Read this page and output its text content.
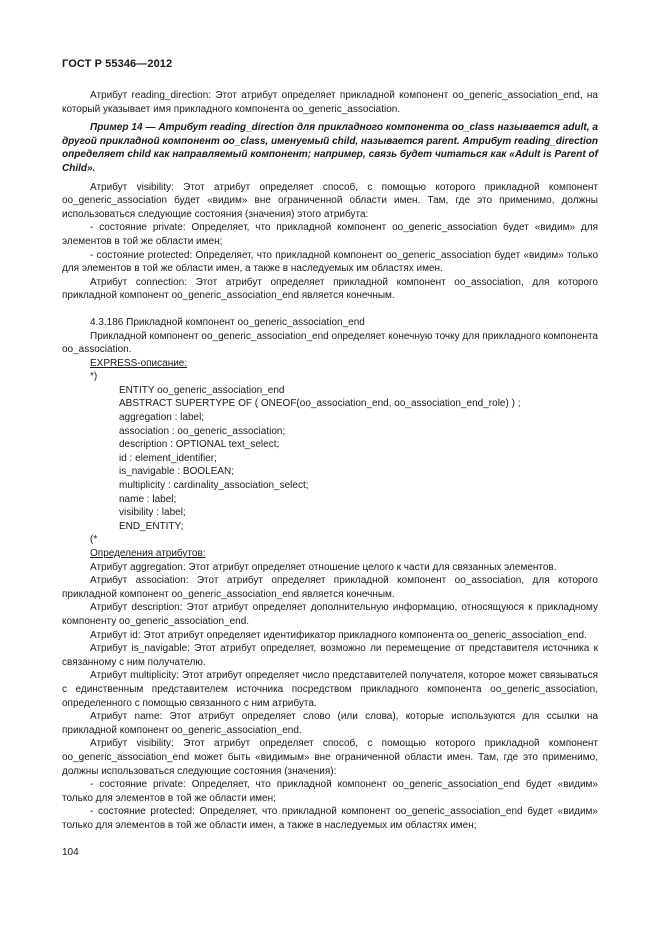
ГОСТ Р 55346—2012

Атрибут reading_direction: Этот атрибут определяет прикладной компонент oo_generic_association_end, на который указывает имя прикладного компонента oo_generic_association.

Пример 14 — Атрибут reading_direction для прикладного компонента oo_class называется adult, а другой прикладной компонент oo_class, именуемый child, называется parent. Атрибут reading_direction определяет child как направляемый компонент; например, связь будет читаться как «Adult is Parent of Child».

Атрибут visibility: Этот атрибут определяет способ, с помощью которого прикладной компонент oo_generic_association будет «видим» вне ограниченной области имен. Там, где это применимо, должны использоваться следующие состояния (значения) этого атрибута:

- состояние private: Определяет, что прикладной компонент oo_generic_association будет «видим» для элементов в той же области имен;

- состояние protected: Определяет, что прикладной компонент oo_generic_association будет «видим» только для элементов в той же области имен, а также в наследуемых им областях имен.

Атрибут connection: Этот атрибут определяет прикладной компонент oo_association, для которого прикладной компонент oo_generic_association_end является конечным.

4.3.186 Прикладной компонент oo_generic_association_end

Прикладной компонент oo_generic_association_end определяет конечную точку для прикладного компонента oo_association.

EXPRESS-описание:

*)

ENTITY oo_generic_association_end

ABSTRACT SUPERTYPE OF ( ONEOF(oo_association_end, oo_association_end_role) ) ;

aggregation : label;

association : oo_generic_association;

description : OPTIONAL text_select;

id : element_identifier;

is_navigable : BOOLEAN;

multiplicity : cardinality_association_select;

name : label;

visibility : label;

END_ENTITY;

(*

Определения атрибутов:

Атрибут aggregation: Этот атрибут определяет отношение целого к части для связанных элементов.

Атрибут association: Этот атрибут определяет прикладной компонент oo_association, для которого прикладной компонент oo_generic_association_end является конечным.

Атрибут description: Этот атрибут определяет дополнительную информацию, относящуюся к прикладному компоненту oo_generic_association_end.

Атрибут id: Этот атрибут определяет идентификатор прикладного компонента oo_generic_association_end.

Атрибут is_navigable: Этот атрибут определяет, возможно ли перемещение от представителя источника к связанному с ним получателю.

Атрибут multiplicity: Этот атрибут определяет число представителей получателя, которое может связываться с единственным представителем источника посредством прикладного компонента oo_generic_association, определенного с помощью связанного с ним атрибута.

Атрибут name: Этот атрибут определяет слово (или слова), которые используются для ссылки на прикладной компонент oo_generic_association_end.

Атрибут visibility: Этот атрибут определяет способ, с помощью которого прикладной компонент oo_generic_association_end может быть «видимым» вне ограниченной области имен. Там, где это применимо, должны использоваться следующие состояния (значения):

- состояние private: Определяет, что прикладной компонент oo_generic_association_end будет «видим» только для элементов в той же области имен;

- состояние protected: Определяет, что прикладной компонент oo_generic_association_end будет «видим» только для элементов в той же области имен, а также в наследуемых им областях имен;

104
